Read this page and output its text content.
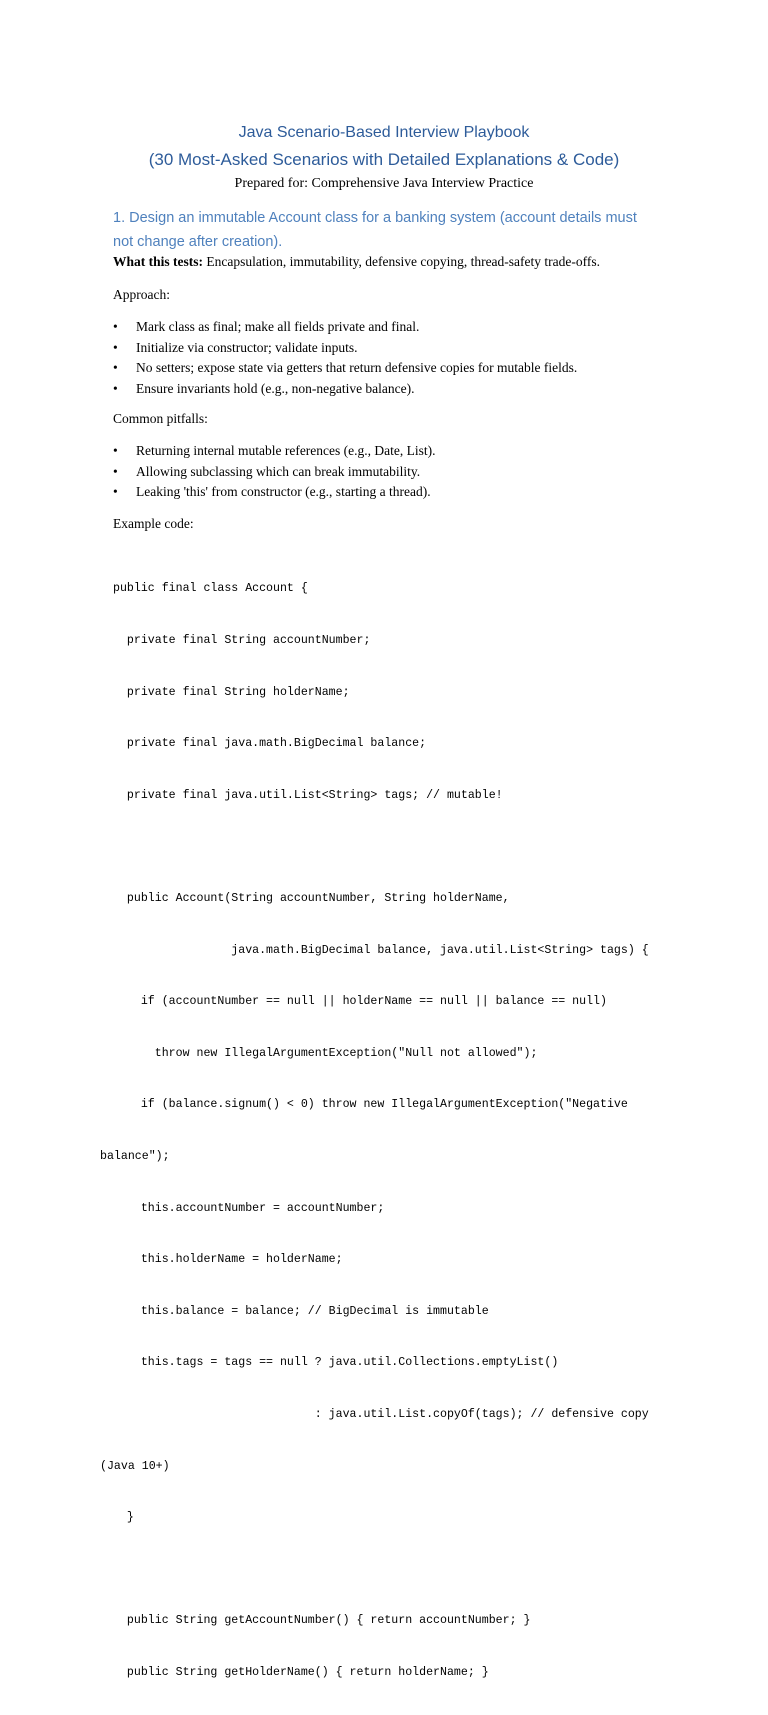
Java Scenario-Based Interview Playbook
(30 Most-Asked Scenarios with Detailed Explanations & Code)
Prepared for: Comprehensive Java Interview Practice
1. Design an immutable Account class for a banking system (account details must not change after creation).
What this tests: Encapsulation, immutability, defensive copying, thread-safety trade-offs.
Approach:
• Mark class as final; make all fields private and final.
• Initialize via constructor; validate inputs.
• No setters; expose state via getters that return defensive copies for mutable fields.
• Ensure invariants hold (e.g., non-negative balance).
Common pitfalls:
• Returning internal mutable references (e.g., Date, List).
• Allowing subclassing which can break immutability.
• Leaking 'this' from constructor (e.g., starting a thread).
Example code:

public final class Account {

private final String accountNumber;

private final String holderName;

private final java.math.BigDecimal balance;

private final java.util.List<String> tags; // mutable!

public Account(String accountNumber, String holderName,

java.math.BigDecimal balance, java.util.List<String> tags) {

if (accountNumber == null || holderName == null || balance == null)

throw new IllegalArgumentException("Null not allowed");

if (balance.signum() < 0) throw new IllegalArgumentException("Negative

balance");

this.accountNumber = accountNumber;

this.holderName = holderName;

this.balance = balance; // BigDecimal is immutable

this.tags = tags == null ? java.util.Collections.emptyList()

: java.util.List.copyOf(tags); // defensive copy

(Java 10+)

}

public String getAccountNumber() { return accountNumber; }

public String getHolderName() { return holderName; }
